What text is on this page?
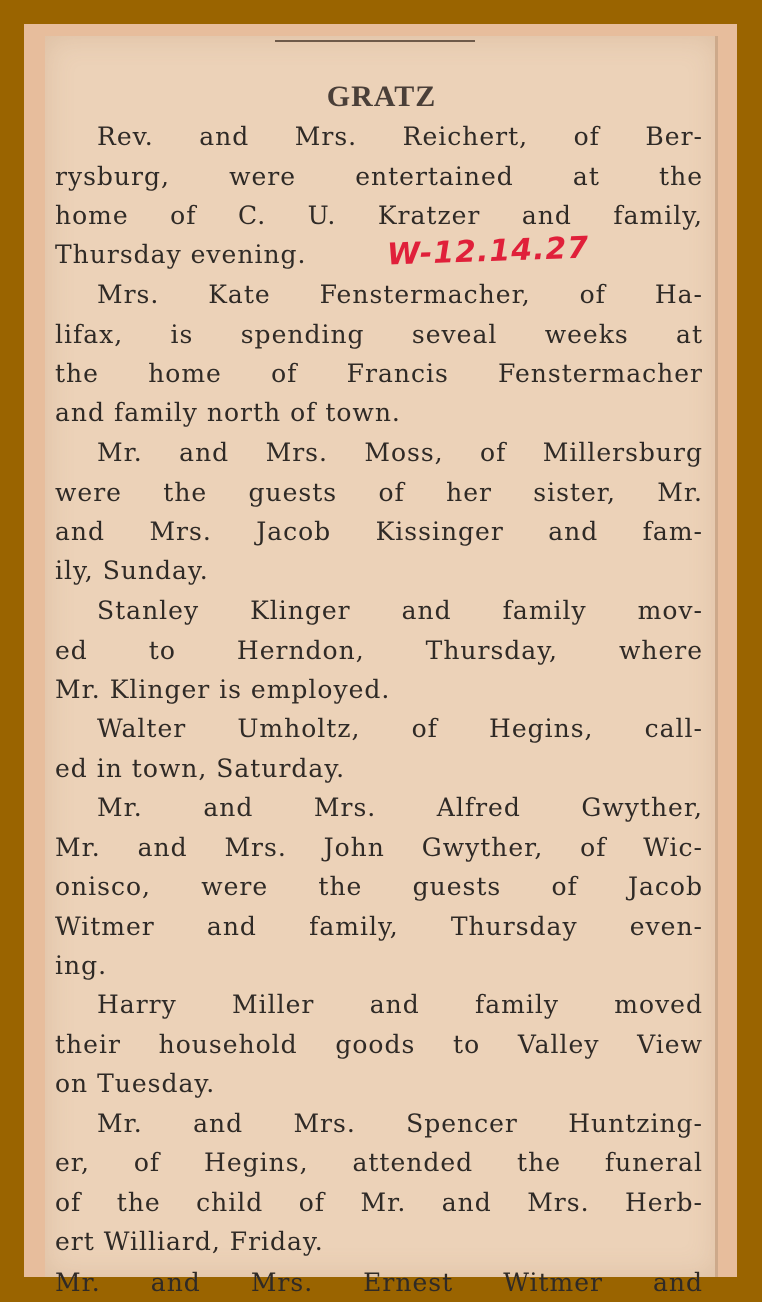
GRATZ
Rev. and Mrs. Reichert, of Ber-
rysburg, were entertained at the
home of C. U. Kratzer and family,
Thursday evening.	W-12.14.27
Mrs. Kate Fenstermacher, of Ha-
lifax, is spending seveal weeks at
the home of Francis Fenstermacher
and family north of town.
Mr. and Mrs. Moss, of Millersburg
were the guests of her sister, Mr.
and Mrs. Jacob Kissinger and fam-
ily, Sunday.
Stanley Klinger and family mov-
ed to Herndon, Thursday, where
Mr. Klinger is employed.
Walter Umholtz, of Hegins, call-
ed in town, Saturday.
Mr. and Mrs. Alfred Gwyther,
Mr. and Mrs. John Gwyther, of Wic-
onisco, were the guests of Jacob
Witmer and family, Thursday even-
ing.
Harry Miller and family moved
their household goods to Valley View
on Tuesday.
Mr. and Mrs. Spencer Huntzing-
er, of Hegins, attended the funeral
of the child of Mr. and Mrs. Herb-
ert Williard, Friday.
Mr. and Mrs. Ernest Witmer and
